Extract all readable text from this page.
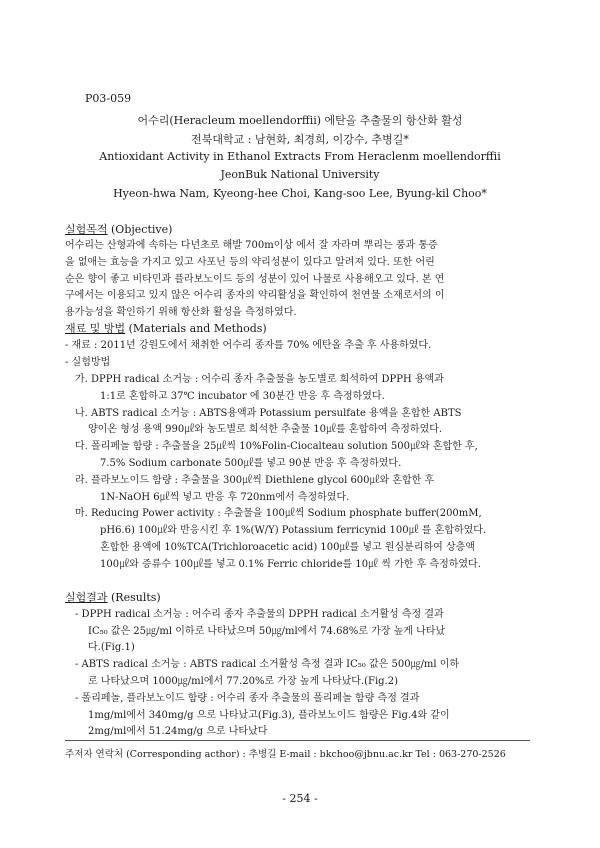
P03-059
어수리(Heracleum moellendorffii) 에탄올 추출물의 항산화 활성
전북대학교 : 남현화, 최경희, 이강수, 추병길*
Antioxidant Activity in Ethanol Extracts From Heraclenm moellendorffii
JeonBuk National University
Hyeon-hwa Nam, Kyeong-hee Choi, Kang-soo Lee, Byung-kil Choo*
실험목적 (Objective)
어수리는 산형과에 속하는 다년초로 해발 700m이상 에서 잘 자라며 뿌리는 풍과 통증
을 없애는 효능을 가지고 있고 사포닌 등의 약리성분이 있다고 알려져 있다. 또한 어린
순은 향이 좋고 비타민과 플라보노이드 등의 성분이 있어 나물로 사용해오고 있다. 본 연
구에서는 이용되고 있지 않은 어수리 종자의 약리활성을 확인하여 천연물 소재로서의 이
용가능성을 확인하기 위해 항산화 활성을 측정하였다.
재료 및 방법 (Materials and Methods)
- 재료 : 2011년 강원도에서 채취한 어수리 종자를 70% 에탄올 추출 후 사용하였다.
- 실험방법
가. DPPH radical 소거능 : 어수리 종자 추출물을 농도별로 희석하여 DPPH 용액과
1:1로 혼합하고 37℃ incubator 에 30분간 반응 후 측정하였다.
나. ABTS radical 소거능 : ABTS용액과 Potassium persulfate 용액을 혼합한 ABTS
양이온 형성 용액 990㎕와 농도별로 희석한 추출물 10㎕를 혼합하여 측정하였다.
다. 폴리페놀 함량 : 추출물을 25㎕씩 10%Folin-Ciocalteau solution 500㎕와 혼합한 후,
7.5% Sodium carbonate 500㎕를 넣고 90분 반응 후 측정하였다.
라. 플라보노이드 함량 : 추출물을 300㎕씩 Diethlene glycol 600㎕와 혼합한 후
1N-NaOH 6㎕씩 넣고 반응 후 720nm에서 측정하였다.
마. Reducing Power activity : 추출물을 100㎕씩 Sodium phosphate buffer(200mM,
pH6.6) 100㎕와 반응시킨 후 1%(W/Y) Potassium ferricynid 100㎕ 를 혼합하였다.
혼합한 용액에 10%TCA(Trichloroacetic acid) 100㎕를 넣고 원심분리하여 상층액
100㎕와 증류수 100㎕를 넣고 0.1% Ferric chloride를 10㎕ 씩 가한 후 측정하였다.
실험결과 (Results)
- DPPH radical 소거능 : 어수리 종자 추출물의 DPPH radical 소거활성 측정 결과
IC₅₀ 값은 25㎍/ml 이하로 나타났으며 50㎍/ml에서 74.68%로 가장 높게 나타났
다.(Fig.1)
- ABTS radical 소거능 : ABTS radical 소거활성 측정 결과 IC₅₀ 값은 500㎍/ml 이하
로 나타났으며 1000㎍/ml에서 77.20%로 가장 높게 나타났다.(Fig.2)
- 폴리페놀, 플라보노이드 함량 : 어수리 종자 추출물의 폴리페놀 함량 측정 결과
1mg/ml에서 340mg/g 으로 나타났고(Fig.3), 플라보노이드 함량은 Fig.4와 같이
2mg/ml에서 51.24mg/g 으로 나타났다
주저자 연락처 (Corresponding acthor) : 추병길 E-mail : bkchoo@jbnu.ac.kr Tel : 063-270-2526
- 254 -
